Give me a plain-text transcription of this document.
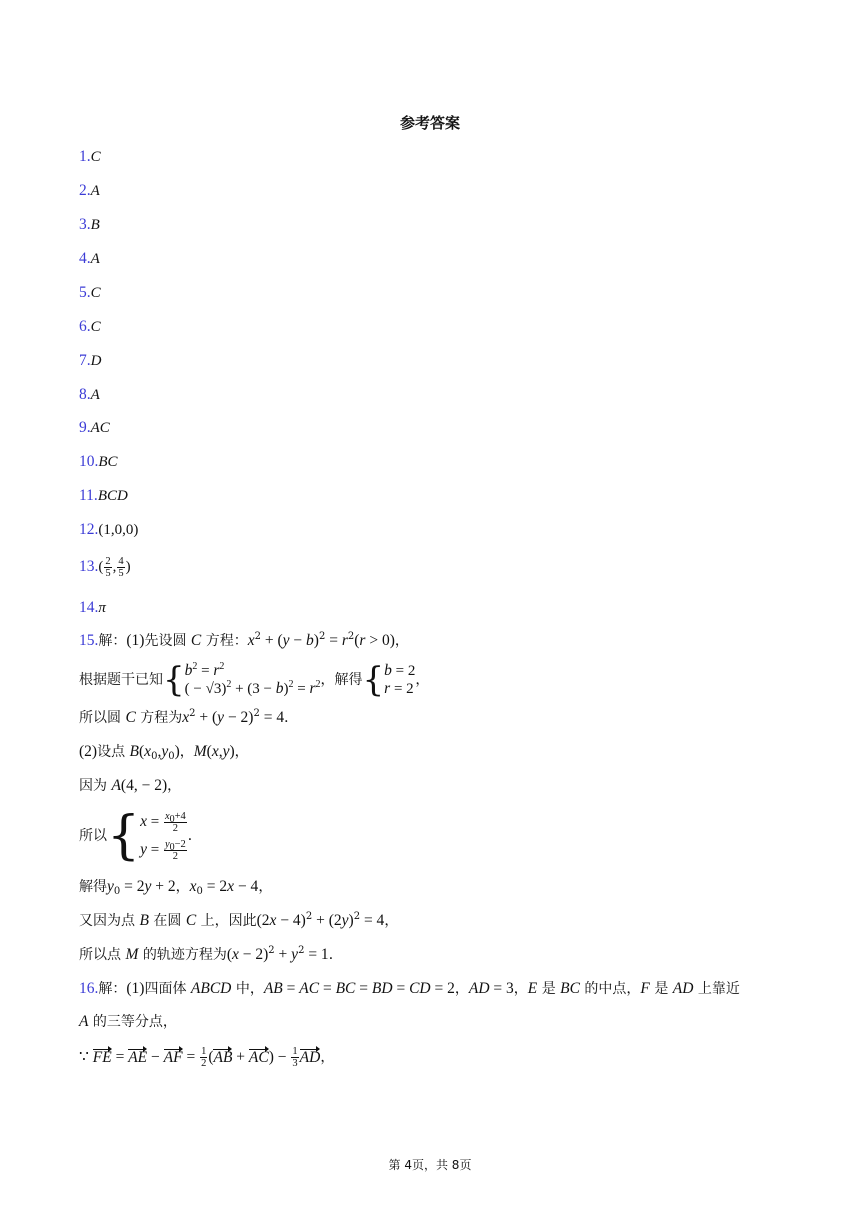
参考答案
1.C
2.A
3.B
4.A
5.C
6.C
7.D
8.A
9.AC
10.BC
11.BCD
12.(1,0,0)
$13.( \frac{2}{5}$ , $\frac{4}{5}$ )
14.π
15.解：(1)先设圆 C 方程：$x^2 + (y - b)^2 = r^2(r > 0)$，
根据题干已知{$b^2 = r^2$
( − $√3)^2 + (3 - b)^2 = r^2$，解得{b = 2
r = 2，
所以圆 C 方程为$x^2 + (y - 2)^2 = 4$．
(2)设点 $B(x_0,y_0)$，M(x,y)，
因为 A(4, − 2)，
所以{$x = \frac{x_0+4}{2}$

$y = \frac{y_0-2}{2}$
．
解得$y_0 = 2y + 2$，$x_0 = 2x - 4$，
又因为点 B 在圆 C 上，因此$(2x - 4)^2 + (2y)^2 = 4$，
所以点 M 的轨迹方程为$(x - 2)^2 + y^2 = 1$．
16.解：(1)四面体 ABCD 中，AB = AC = BC = BD = CD = 2，AD = 3，E 是 BC 的中点，F 是 AD 上靠近
A 的三等分点，
∵ FE = AE − AF = $\frac{1}{2} (AB + AC) - \frac{1}{3}$ AD，
第 4页，共 8页
